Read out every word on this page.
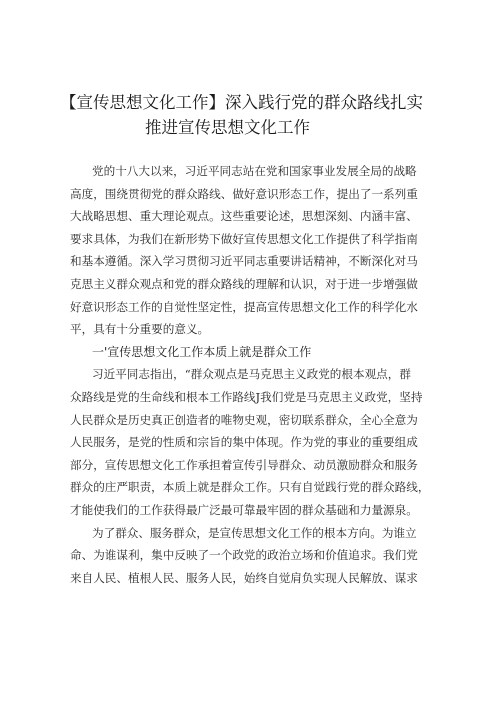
【宣传思想文化工作】深入践行党的群众路线扎实
推进宣传思想文化工作

党的十八大以来，习近平同志站在党和国家事业发展全局的战略
高度，围绕贯彻党的群众路线、做好意识形态工作，提出了一系列重
大战略思想、重大理论观点。这些重要论述，思想深刻、内涵丰富、
要求具体，为我们在新形势下做好宣传思想文化工作提供了科学指南
和基本遵循。深入学习贯彻习近平同志重要讲话精神，不断深化对马
克思主义群众观点和党的群众路线的理解和认识，对于进一步增强做
好意识形态工作的自觉性坚定性，提高宣传思想文化工作的科学化水
平，具有十分重要的意义。

一'宣传思想文化工作本质上就是群众工作

习近平同志指出，“群众观点是马克思主义政党的根本观点，群
众路线是党的生命线和根本工作路线J我们党是马克思主义政党，坚持
人民群众是历史真正创造者的唯物史观，密切联系群众，全心全意为
人民服务，是党的性质和宗旨的集中体现。作为党的事业的重要组成
部分，宣传思想文化工作承担着宣传引导群众、动员激励群众和服务
群众的庄严职责，本质上就是群众工作。只有自觉践行党的群众路线，
才能使我们的工作获得最广泛最可靠最牢固的群众基础和力量源泉。

为了群众、服务群众，是宣传思想文化工作的根本方向。为谁立
命、为谁谋利，集中反映了一个政党的政治立场和价值追求。我们党
来自人民、植根人民、服务人民，始终自觉肩负实现人民解放、谋求
